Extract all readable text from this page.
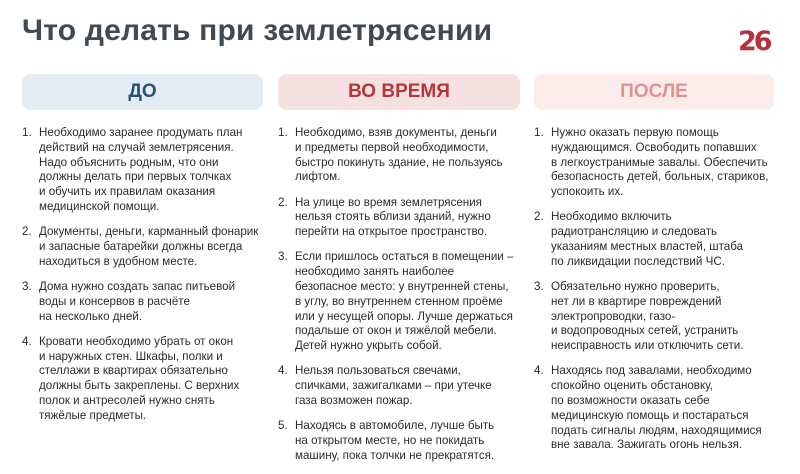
Что делать при землетрясении	26
ДО	ВО ВРЕМЯ	ПОСЛЕ
1. Необходимо заранее продумать план
действий на случай землетрясения.
Надо объяснить родным, что они
должны делать при первых толчках
и обучить их правилам оказания
медицинской помощи.
2. Документы, деньги, карманный фонарик
и запасные батарейки должны всегда
находиться в удобном месте.
3. Дома нужно создать запас питьевой
воды и консервов в расчёте
на несколько дней.
4. Кровати необходимо убрать от окон
и наружных стен. Шкафы, полки и
стеллажи в квартирах обязательно
должны быть закреплены. С верхних
полок и антресолей нужно снять
тяжёлые предметы.
1. Необходимо, взяв документы, деньги
и предметы первой необходимости,
быстро покинуть здание, не пользуясь
лифтом.
2. На улице во время землетрясения
нельзя стоять вблизи зданий, нужно
перейти на открытое пространство.
3. Если пришлось остаться в помещении –
необходимо занять наиболее
безопасное место: у внутренней стены,
в углу, во внутреннем стенном проёме
или у несущей опоры. Лучше держаться
подальше от окон и тяжёлой мебели.
Детей нужно укрыть собой.
4. Нельзя пользоваться свечами,
спичками, зажигалками – при утечке
газа возможен пожар.
5. Находясь в автомобиле, лучше быть
на открытом месте, но не покидать
машину, пока толчки не прекратятся.
1. Нужно оказать первую помощь
нуждающимся. Освободить попавших
в легкоустранимые завалы. Обеспечить
безопасность детей, больных, стариков,
успокоить их.
2. Необходимо включить
радиотрансляцию и следовать
указаниям местных властей, штаба
по ликвидации последствий ЧС.
3. Обязательно нужно проверить,
нет ли в квартире повреждений
электропроводки, газо-
и водопроводных сетей, устранить
неисправность или отключить сети.
4. Находясь под завалами, необходимо
спокойно оценить обстановку,
по возможности оказать себе
медицинскую помощь и постараться
подать сигналы людям, находящимися
вне завала. Зажигать огонь нельзя.
